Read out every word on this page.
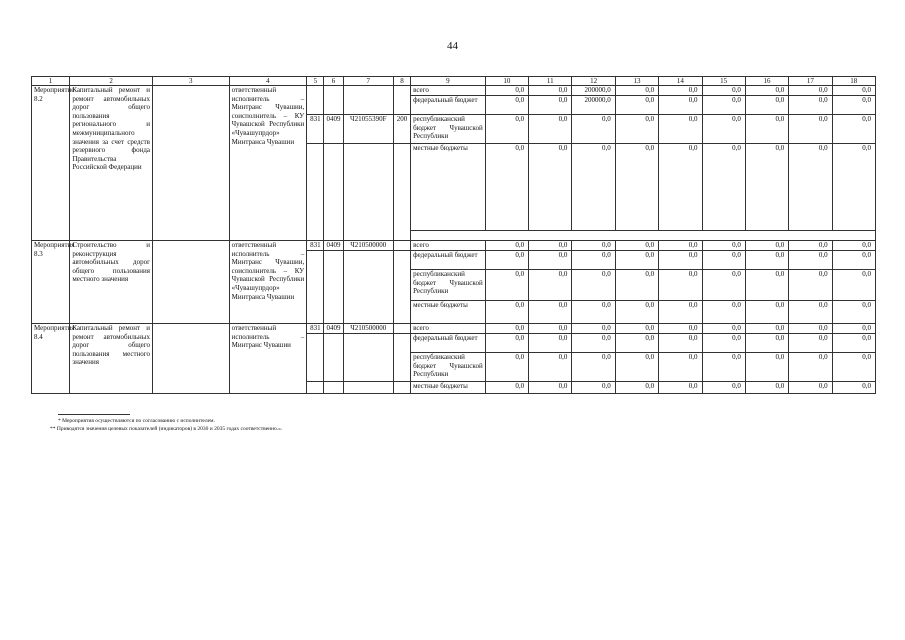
44
1	2	3	4	5	6	7	8	9	10	11	12	13	14	15	16	17	18
Мероприятие 8.2	Капитальный ремонт и ремонт автомобильных дорог общего пользования регионального и межмуниципального значения за счет средств резервного фонда Правительства Российской Федерации		ответственный исполнитель – Минтранс Чувашии, соисполнитель – КУ Чувашской Республики «Чувашупрдор» Минтранса Чувашии					всего	0,0	0,0	200000,0	0,0	0,0	0,0	0,0	0,0	0,0
								федеральный бюджет	0,0	0,0	200000,0	0,0	0,0	0,0	0,0	0,0	0,0
				831	0409	Ч21055390F	200	республиканский бюджет Чувашской Республики	0,0	0,0	0,0	0,0	0,0	0,0	0,0	0,0	0,0
								местные бюджеты	0,0	0,0	0,0	0,0	0,0	0,0	0,0	0,0	0,0

Мероприятия 8.3	Строительство и реконструкция автомобильных дорог общего пользования местного значения		ответственный исполнитель – Минтранс Чувашии, соисполнитель – КУ Чувашской Республики «Чувашупрдор» Минтранса Чувашии	831	0409	Ч210500000		всего	0,0	0,0	0,0	0,0	0,0	0,0	0,0	0,0	0,0
								федеральный бюджет	0,0	0,0	0,0	0,0	0,0	0,0	0,0	0,0	0,0
								республиканский бюджет Чувашской Республики	0,0	0,0	0,0	0,0	0,0	0,0	0,0	0,0	0,0
								местные бюджеты	0,0	0,0	0,0	0,0	0,0	0,0	0,0	0,0	0,0
Мероприятия 8.4	Капитальный ремонт и ремонт автомобильных дорог общего пользования местного значения		ответственный исполнитель – Минтранс Чувашии	831	0409	Ч210500000		всего	0,0	0,0	0,0	0,0	0,0	0,0	0,0	0,0	0,0
								федеральный бюджет	0,0	0,0	0,0	0,0	0,0	0,0	0,0	0,0	0,0
								республиканский бюджет Чувашской Республики	0,0	0,0	0,0	0,0	0,0	0,0	0,0	0,0	0,0
								местные бюджеты	0,0	0,0	0,0	0,0	0,0	0,0	0,0	0,0	0,0

* Мероприятия осуществляются по согласованию с исполнителем.

** Приводятся значения целевых показателей (индикаторов) в 2030 и 2035 годах соответственно.».
